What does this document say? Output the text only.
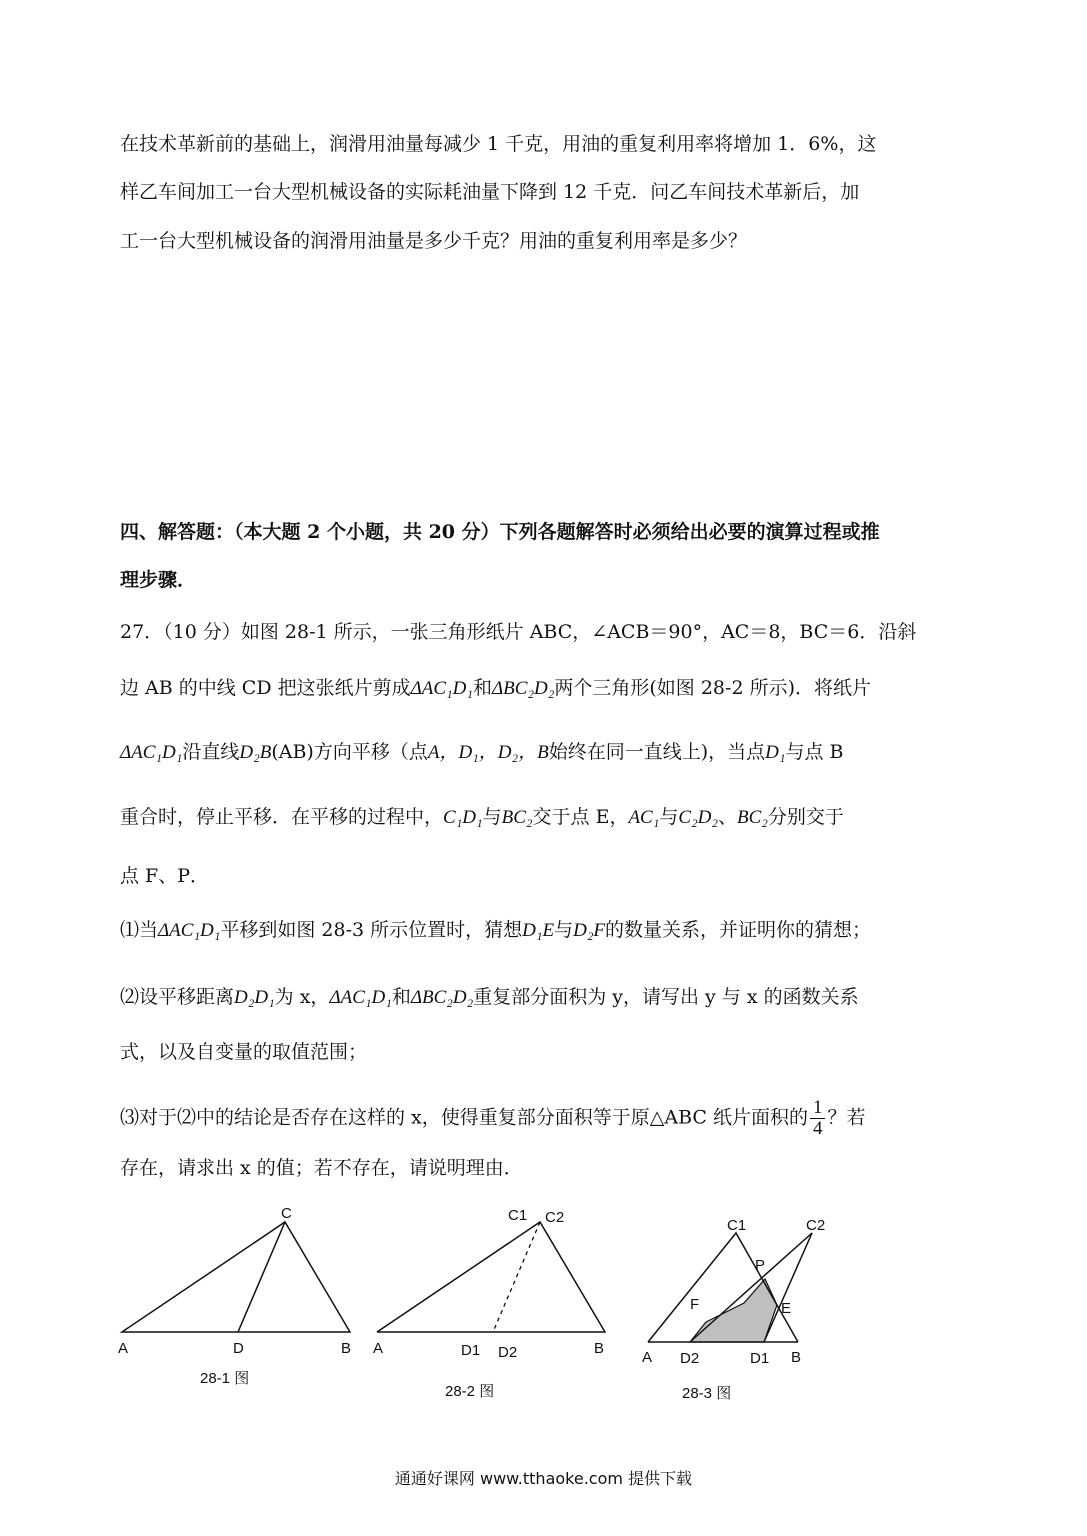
在技术革新前的基础上，润滑用油量每减少 1 千克，用油的重复利用率将增加 1．6%，这
样乙车间加工一台大型机械设备的实际耗油量下降到 12 千克．问乙车间技术革新后，加
工一台大型机械设备的润滑用油量是多少千克？用油的重复利用率是多少？
四、解答题：（本大题 2 个小题，共 20 分）下列各题解答时必须给出必要的演算过程或推
理步骤．
27．（10 分）如图 28-1 所示，一张三角形纸片 ABC，∠ACB＝90°，AC＝8，BC＝6．沿斜
边 AB 的中线 CD 把这张纸片剪成ΔAC₁D₁和ΔBC₂D₂两个三角形(如图 28-2 所示)．将纸片
ΔAC₁D₁沿直线D₂B(AB)方向平移（点A，D₁，D₂，B始终在同一直线上)，当点D₁与点 B
重合时，停止平移．在平移的过程中，C₁D₁与BC₂交于点 E，AC₁与C₂D₂、BC₂分别交于
点 F、P．
⑴当ΔAC₁D₁平移到如图 28-3 所示位置时，猜想D₁E与D₂F的数量关系，并证明你的猜想；
⑵设平移距离D₂D₁为 x，ΔAC₁D₁和ΔBC₂D₂重复部分面积为 y，请写出 y 与 x 的函数关系
式，以及自变量的取值范围；
⑶对于⑵中的结论是否存在这样的 x，使得重复部分面积等于原△ABC 纸片面积的 $\frac{1}{4}$ ？若
存在，请求出 x 的值；若不存在，请说明理由．
C
A	D	B
28-1 图
C1 C2
A	D1 D2	B
28-2 图
C1	C2
P
F	E
A D2	D1 B
28-3 图
通通好课网 www.tthaoke.com 提供下载
